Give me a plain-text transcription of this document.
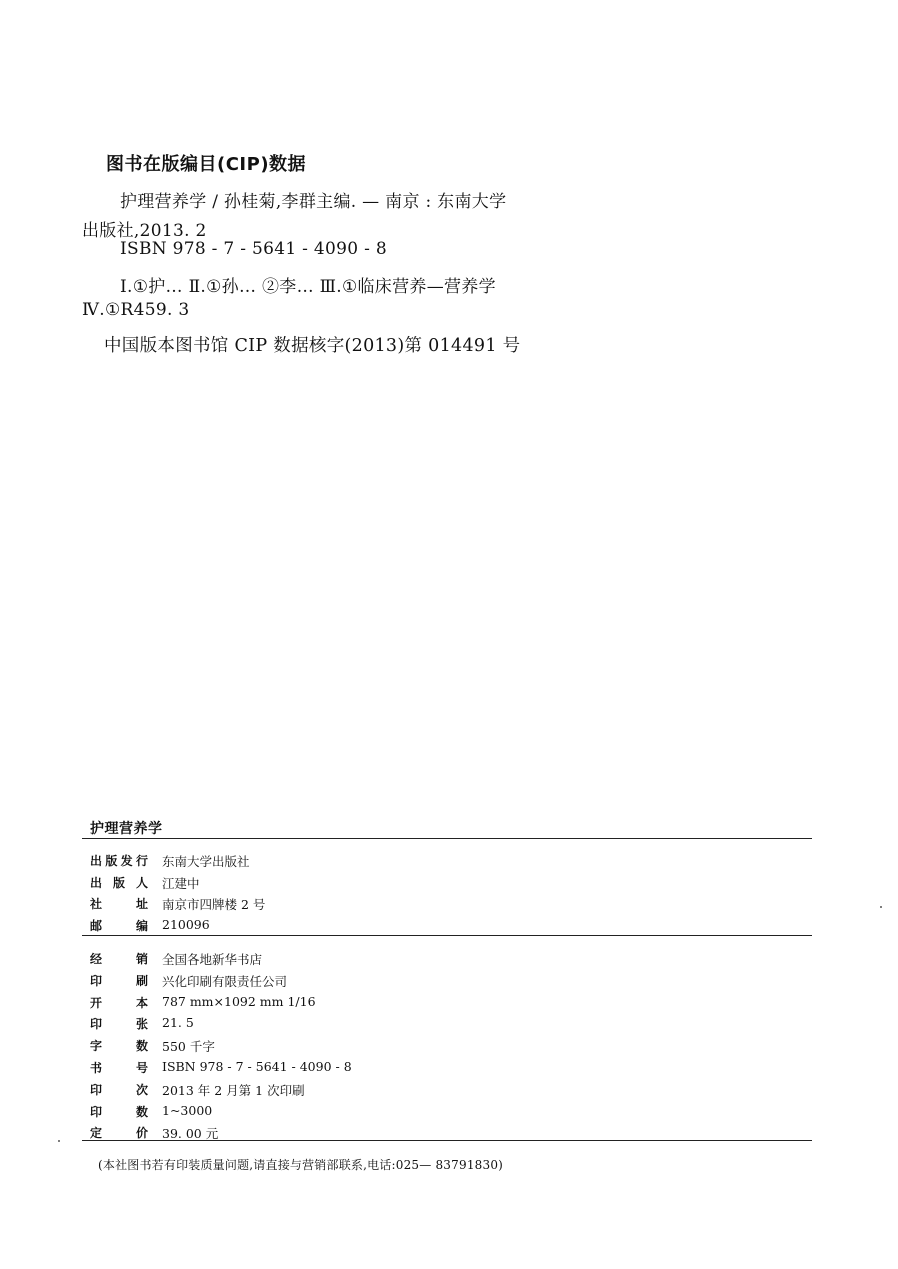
图书在版编目(CIP)数据
护理营养学 / 孙桂菊,李群主编. — 南京 : 东南大学
出版社,2013. 2
ISBN 978 - 7 - 5641 - 4090 - 8
Ⅰ.①护… Ⅱ.①孙… ②李… Ⅲ.①临床营养—营养学
Ⅳ.①R459. 3
中国版本图书馆 CIP 数据核字(2013)第 014491 号
护理营养学
出 版 发 行 东南大学出版社
出 版 人 江建中
社	址 南京市四牌楼 2 号
邮	编 210096
经	销 全国各地新华书店
印	刷 兴化印刷有限责任公司
开	本 787 mm×1092 mm 1/16
印	张 21. 5
字	数 550 千字
书	号 ISBN 978 - 7 - 5641 - 4090 - 8
印	次 2013 年 2 月第 1 次印刷
印	数 1~3000
定	价 39. 00 元
(本社图书若有印装质量问题,请直接与营销部联系,电话:025— 83791830)
